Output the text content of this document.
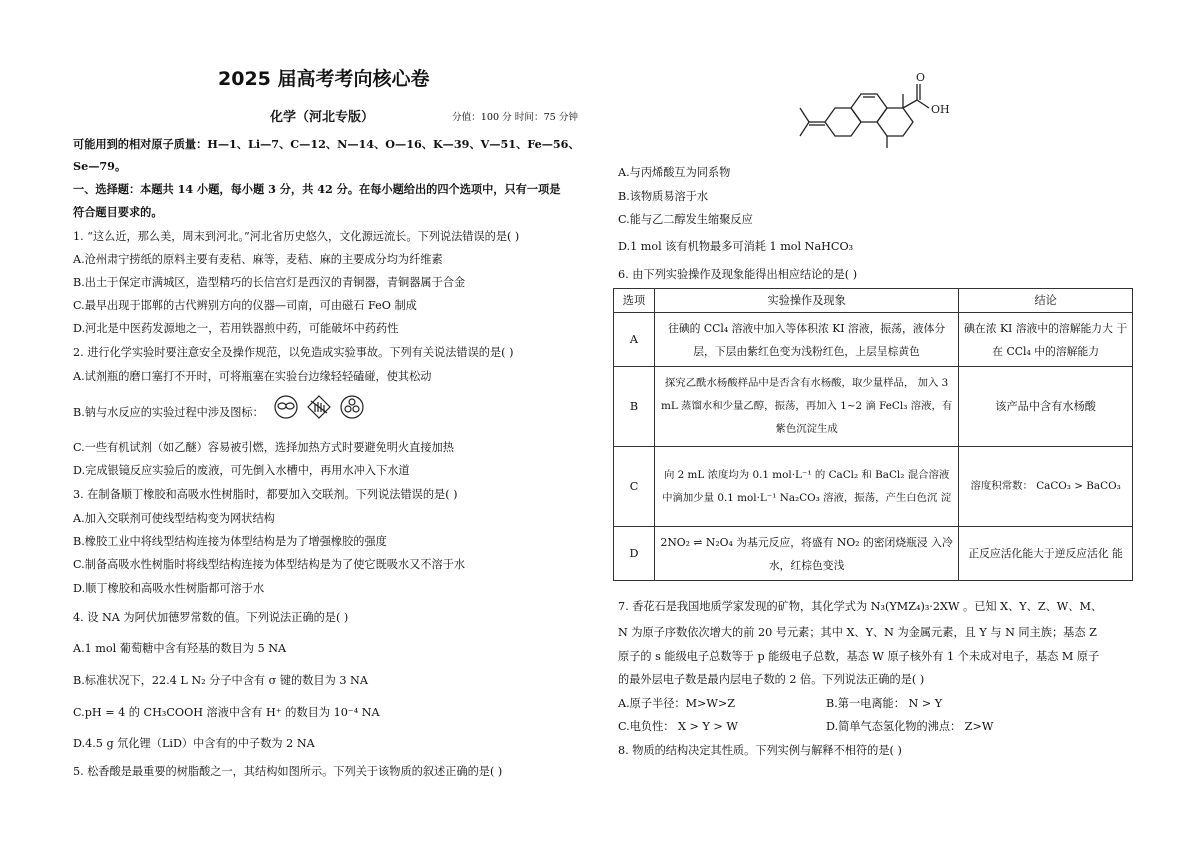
2025 届高考考向核心卷
化学（河北专版）	分值：100 分 时间：75 分钟
可能用到的相对原子质量：H—1、Li—7、C—12、N—14、O—16、K—39、V—51、Fe—56、
Se—79。
一、选择题：本题共 14 小题，每小题 3 分，共 42 分。在每小题给出的四个选项中，只有一项是
符合题目要求的。
1. “这么近，那么美，周末到河北。”河北省历史悠久，文化源远流长。下列说法错误的是( )
A.沧州肃宁捞纸的原料主要有麦秸、麻等，麦秸、麻的主要成分均为纤维素
B.出土于保定市满城区，造型精巧的长信宫灯是西汉的青铜器，青铜器属于合金
C.最早出现于邯郸的古代辨别方向的仪器—司南，可由磁石 FeO 制成
D.河北是中医药发源地之一，若用铁器煎中药，可能破坏中药药性
2. 进行化学实验时要注意安全及操作规范，以免造成实验事故。下列有关说法错误的是( )
A.试剂瓶的磨口塞打不开时，可将瓶塞在实验台边缘轻轻磕碰，使其松动
B.钠与水反应的实验过程中涉及图标：
C.一些有机试剂（如乙醚）容易被引燃，选择加热方式时要避免明火直接加热
D.完成银镜反应实验后的废液，可先倒入水槽中，再用水冲入下水道
3. 在制备顺丁橡胶和高吸水性树脂时，都要加入交联剂。下列说法错误的是( )
A.加入交联剂可使线型结构变为网状结构
B.橡胶工业中将线型结构连接为体型结构是为了增强橡胶的强度
C.制备高吸水性树脂时将线型结构连接为体型结构是为了使它既吸水又不溶于水
D.顺丁橡胶和高吸水性树脂都可溶于水
4. 设 NA 为阿伏加德罗常数的值。下列说法正确的是( )
A.1 mol 葡萄糖中含有羟基的数目为 5 NA
B.标准状况下，22.4 L N₂ 分子中含有 σ 键的数目为 3 NA
C.pH = 4 的 CH₃COOH 溶液中含有 H⁺ 的数目为 10⁻⁴ NA
D.4.5 g 氘化锂（LiD）中含有的中子数为 2 NA
5. 松香酸是最重要的树脂酸之一，其结构如图所示。下列关于该物质的叙述正确的是( )
O
OH
A.与丙烯酸互为同系物
B.该物质易溶于水
C.能与乙二醇发生缩聚反应
D.1 mol 该有机物最多可消耗 1 mol NaHCO₃
6. 由下列实验操作及现象能得出相应结论的是( )
选项	实验操作及现象	结论
A	往碘的 CCl₄ 溶液中加入等体积浓 KI 溶液，振荡，液体分 层，下层由紫红色变为浅粉红色，上层呈棕黄色	碘在浓 KI 溶液中的溶解能力大 于在 CCl₄ 中的溶解能力
B	探究乙酰水杨酸样品中是否含有水杨酸，取少量样品， 加入 3 mL 蒸馏水和少量乙醇，振荡，再加入 1~2 滴 FeCl₃ 溶液，有紫色沉淀生成	该产品中含有水杨酸
C	向 2 mL 浓度均为 0.1 mol·L⁻¹ 的 CaCl₂ 和 BaCl₂ 混合溶液 中滴加少量 0.1 mol·L⁻¹ Na₂CO₃ 溶液，振荡，产生白色沉 淀	溶度积常数： CaCO₃ > BaCO₃
D	2NO₂ ⇌ N₂O₄ 为基元反应，将盛有 NO₂ 的密闭烧瓶浸 入冷水，红棕色变浅	正反应活化能大于逆反应活化 能
7. 香花石是我国地质学家发现的矿物，其化学式为 N₃(YMZ₄)₃·2XW 。已知 X、Y、Z、W、M、
N 为原子序数依次增大的前 20 号元素；其中 X、Y、N 为金属元素，且 Y 与 N 同主族；基态 Z
原子的 s 能级电子总数等于 p 能级电子总数，基态 W 原子核外有 1 个未成对电子，基态 M 原子
的最外层电子数是最内层电子数的 2 倍。下列说法正确的是( )
A.原子半径：M>W>Z	B.第一电离能： N > Y
C.电负性： X > Y > W	D.简单气态氢化物的沸点： Z>W
8. 物质的结构决定其性质。下列实例与解释不相符的是( )
